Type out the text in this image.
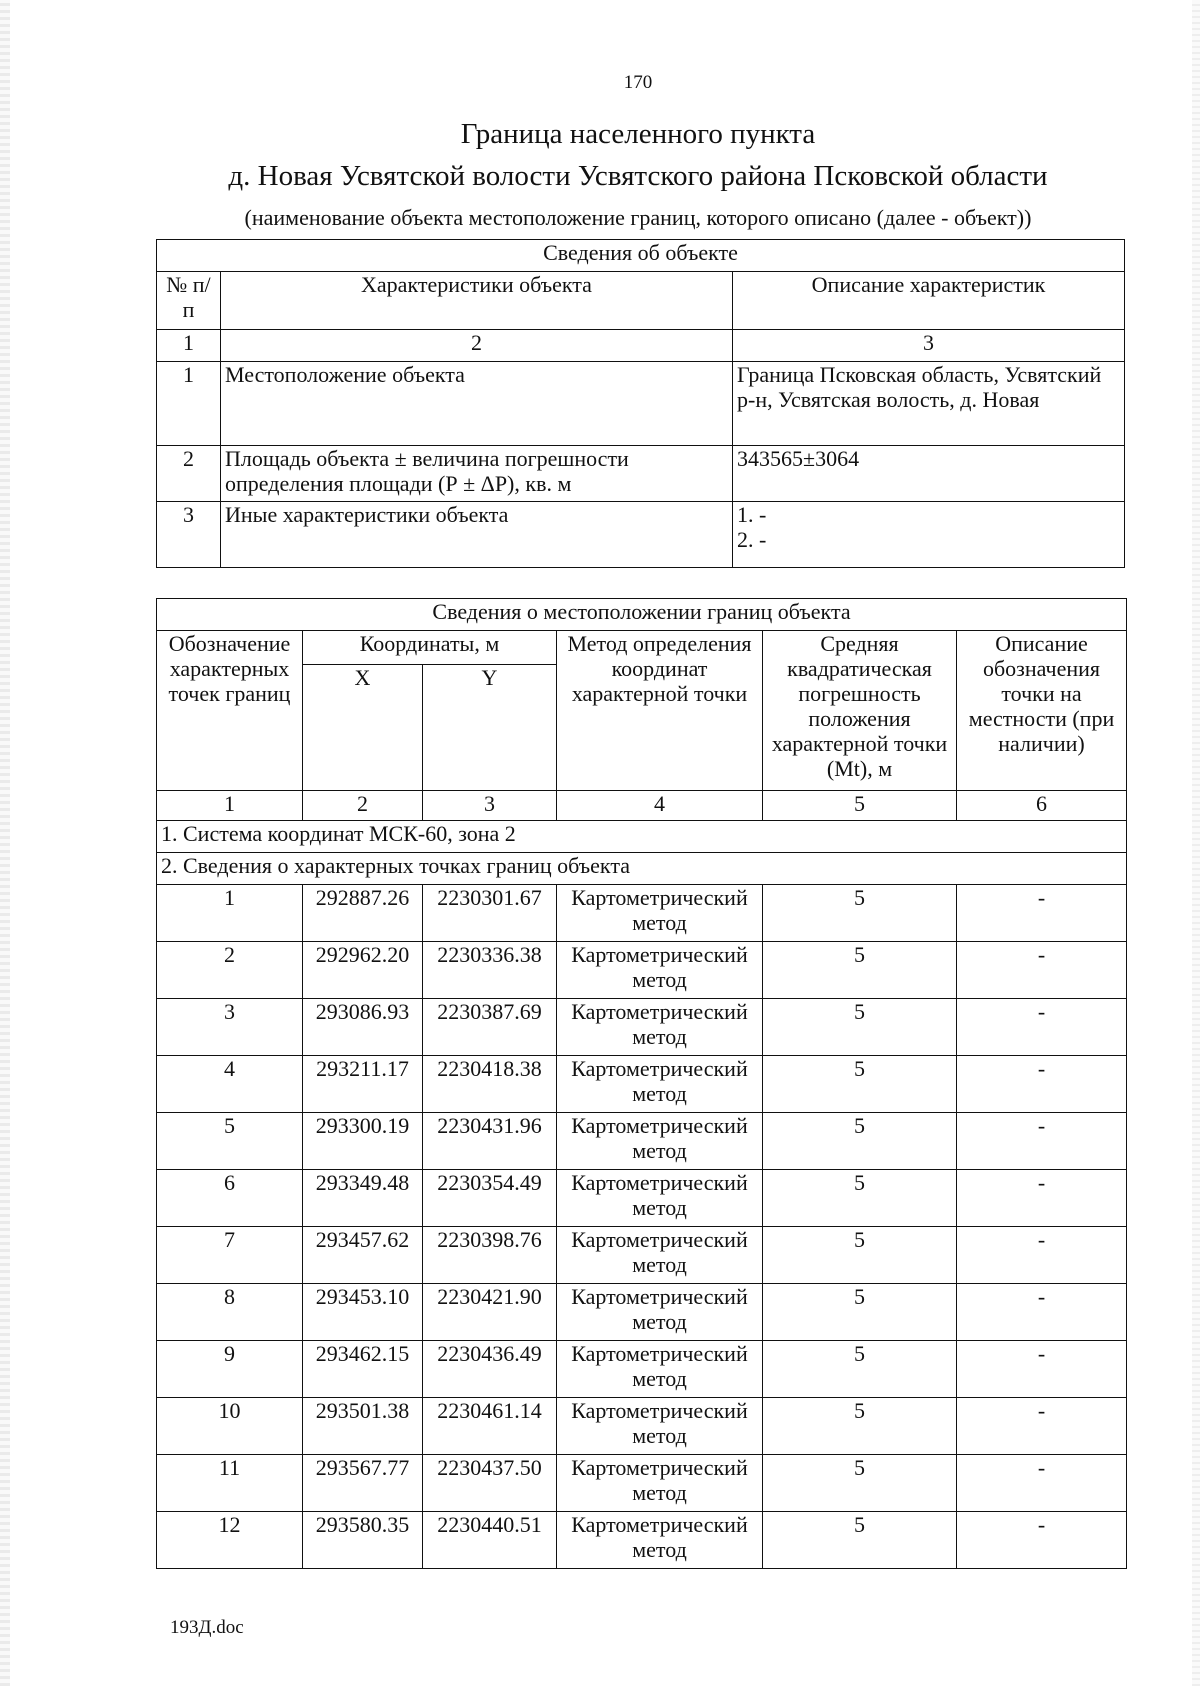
170
Граница населенного пункта
д. Новая Усвятской волости Усвятского района Псковской области
(наименование объекта местоположение границ, которого описано (далее - объект))
Сведения об объекте		
№ п/п	Характеристики объекта	Описание характеристик
1	2	3
1	Местоположение объекта	Граница Псковская область, Усвятский р-н, Усвятская волость, д. Новая
2	Площадь объекта ± величина погрешности определения площади (Р ± ΔР), кв. м	343565±3064
3	Иные характеристики объекта	1. -
2. -
Сведения о местоположении границ объекта					
Обозначение характерных точек границ	Координаты, м		Метод определения координат характерной точки	Средняя квадратическая погрешность положения характерной точки (Mt), м	Описание обозначения точки на местности (при наличии)
	X	Y			
1	2	3	4	5	6
1. Система координат МСК-60, зона 2					
2. Сведения о характерных точках границ объекта					
1	292887.26	2230301.67	Картометрический метод	5	-
2	292962.20	2230336.38	Картометрический метод	5	-
3	293086.93	2230387.69	Картометрический метод	5	-
4	293211.17	2230418.38	Картометрический метод	5	-
5	293300.19	2230431.96	Картометрический метод	5	-
6	293349.48	2230354.49	Картометрический метод	5	-
7	293457.62	2230398.76	Картометрический метод	5	-
8	293453.10	2230421.90	Картометрический метод	5	-
9	293462.15	2230436.49	Картометрический метод	5	-
10	293501.38	2230461.14	Картометрический метод	5	-
11	293567.77	2230437.50	Картометрический метод	5	-
12	293580.35	2230440.51	Картометрический метод	5	-
193Д.doc
